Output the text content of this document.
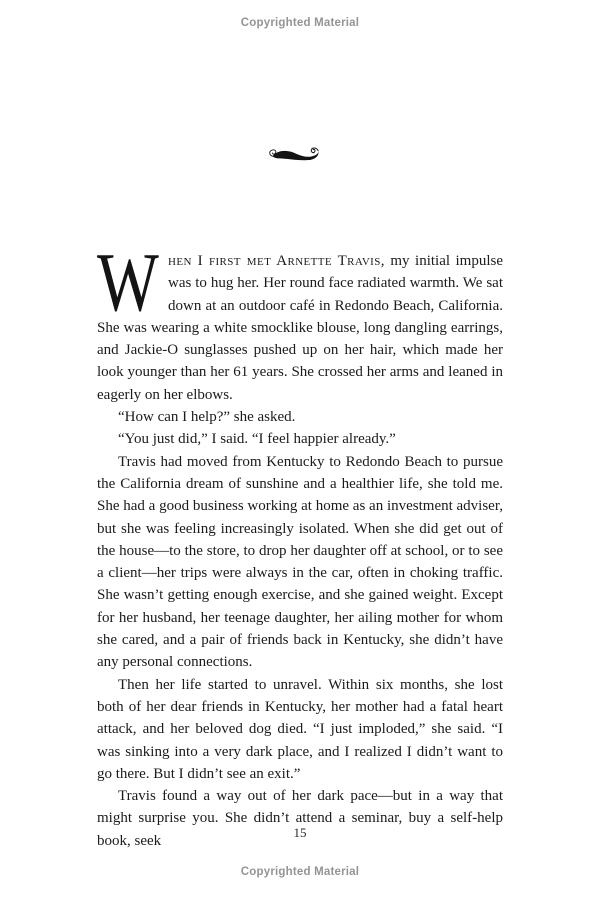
Copyrighted Material

W hen I first met Arnette Travis, my initial impulse was to hug her. Her round face radiated warmth. We sat down at an outdoor café in Redondo Beach, California. She was wearing a white smocklike blouse, long dangling earrings, and Jackie-O sunglasses pushed up on her hair, which made her look younger than her 61 years. She crossed her arms and leaned in eagerly on her elbows.

“How can I help?” she asked.

“You just did,” I said. “I feel happier already.”

Travis had moved from Kentucky to Redondo Beach to pursue the California dream of sunshine and a healthier life, she told me. She had a good business working at home as an investment adviser, but she was feeling increasingly isolated. When she did get out of the house—to the store, to drop her daughter off at school, or to see a client—her trips were always in the car, often in choking traffic. She wasn’t getting enough exercise, and she gained weight. Except for her husband, her teenage daughter, her ailing mother for whom she cared, and a pair of friends back in Kentucky, she didn’t have any personal connections.

Then her life started to unravel. Within six months, she lost both of her dear friends in Kentucky, her mother had a fatal heart attack, and her beloved dog died. “I just imploded,” she said. “I was sinking into a very dark place, and I realized I didn’t want to go there. But I didn’t see an exit.”

Travis found a way out of her dark pace—but in a way that might surprise you. She didn’t attend a seminar, buy a self-help book, seek

15
Copyrighted Material
